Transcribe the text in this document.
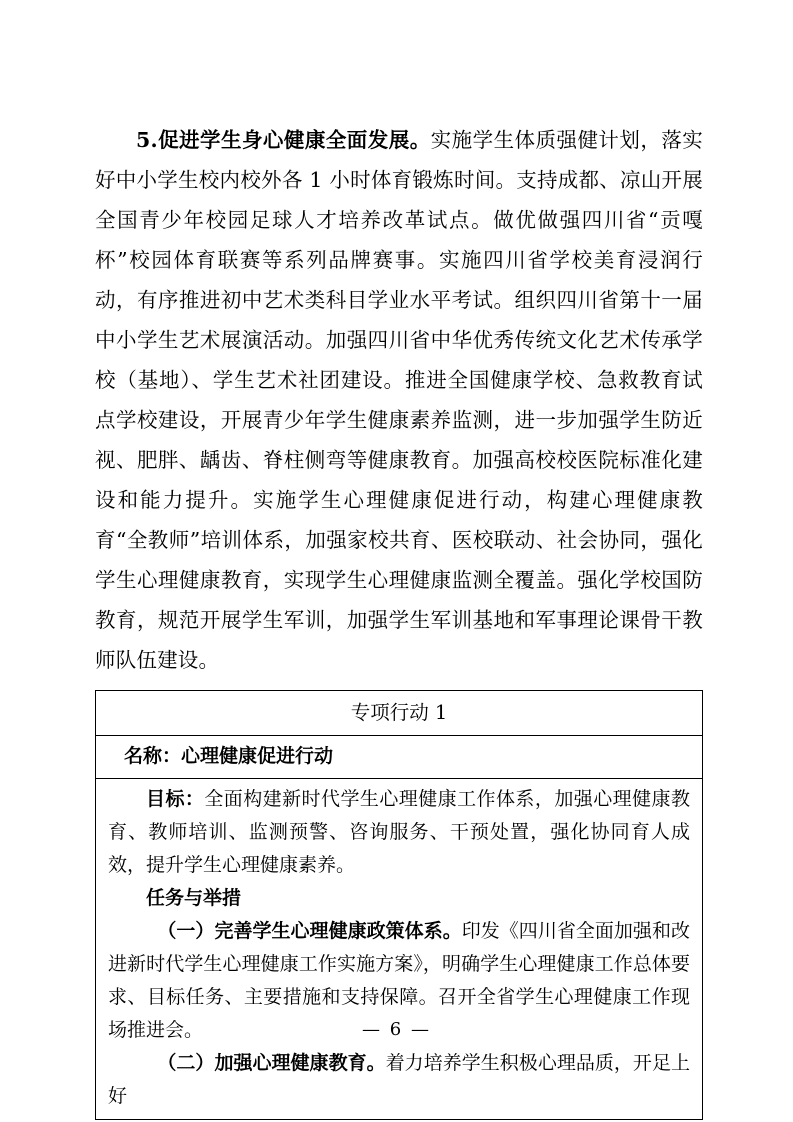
5.促进学生身心健康全面发展。实施学生体质强健计划，落实好中小学生校内校外各 1 小时体育锻炼时间。支持成都、凉山开展全国青少年校园足球人才培养改革试点。做优做强四川省“贡嘎杯”校园体育联赛等系列品牌赛事。实施四川省学校美育浸润行动，有序推进初中艺术类科目学业水平考试。组织四川省第十一届中小学生艺术展演活动。加强四川省中华优秀传统文化艺术传承学校（基地）、学生艺术社团建设。推进全国健康学校、急救教育试点学校建设，开展青少年学生健康素养监测，进一步加强学生防近视、肥胖、龋齿、脊柱侧弯等健康教育。加强高校校医院标准化建设和能力提升。实施学生心理健康促进行动，构建心理健康教育“全教师”培训体系，加强家校共育、医校联动、社会协同，强化学生心理健康教育，实现学生心理健康监测全覆盖。强化学校国防教育，规范开展学生军训，加强学生军训基地和军事理论课骨干教师队伍建设。

专项行动 1
名称：心理健康促进行动

目标：全面构建新时代学生心理健康工作体系，加强心理健康教育、教师培训、监测预警、咨询服务、干预处置，强化协同育人成效，提升学生心理健康素养。

任务与举措

（一）完善学生心理健康政策体系。印发《四川省全面加强和改进新时代学生心理健康工作实施方案》，明确学生心理健康工作总体要求、目标任务、主要措施和支持保障。召开全省学生心理健康工作现场推进会。

（二）加强心理健康教育。着力培养学生积极心理品质，开足上好

— 6 —
